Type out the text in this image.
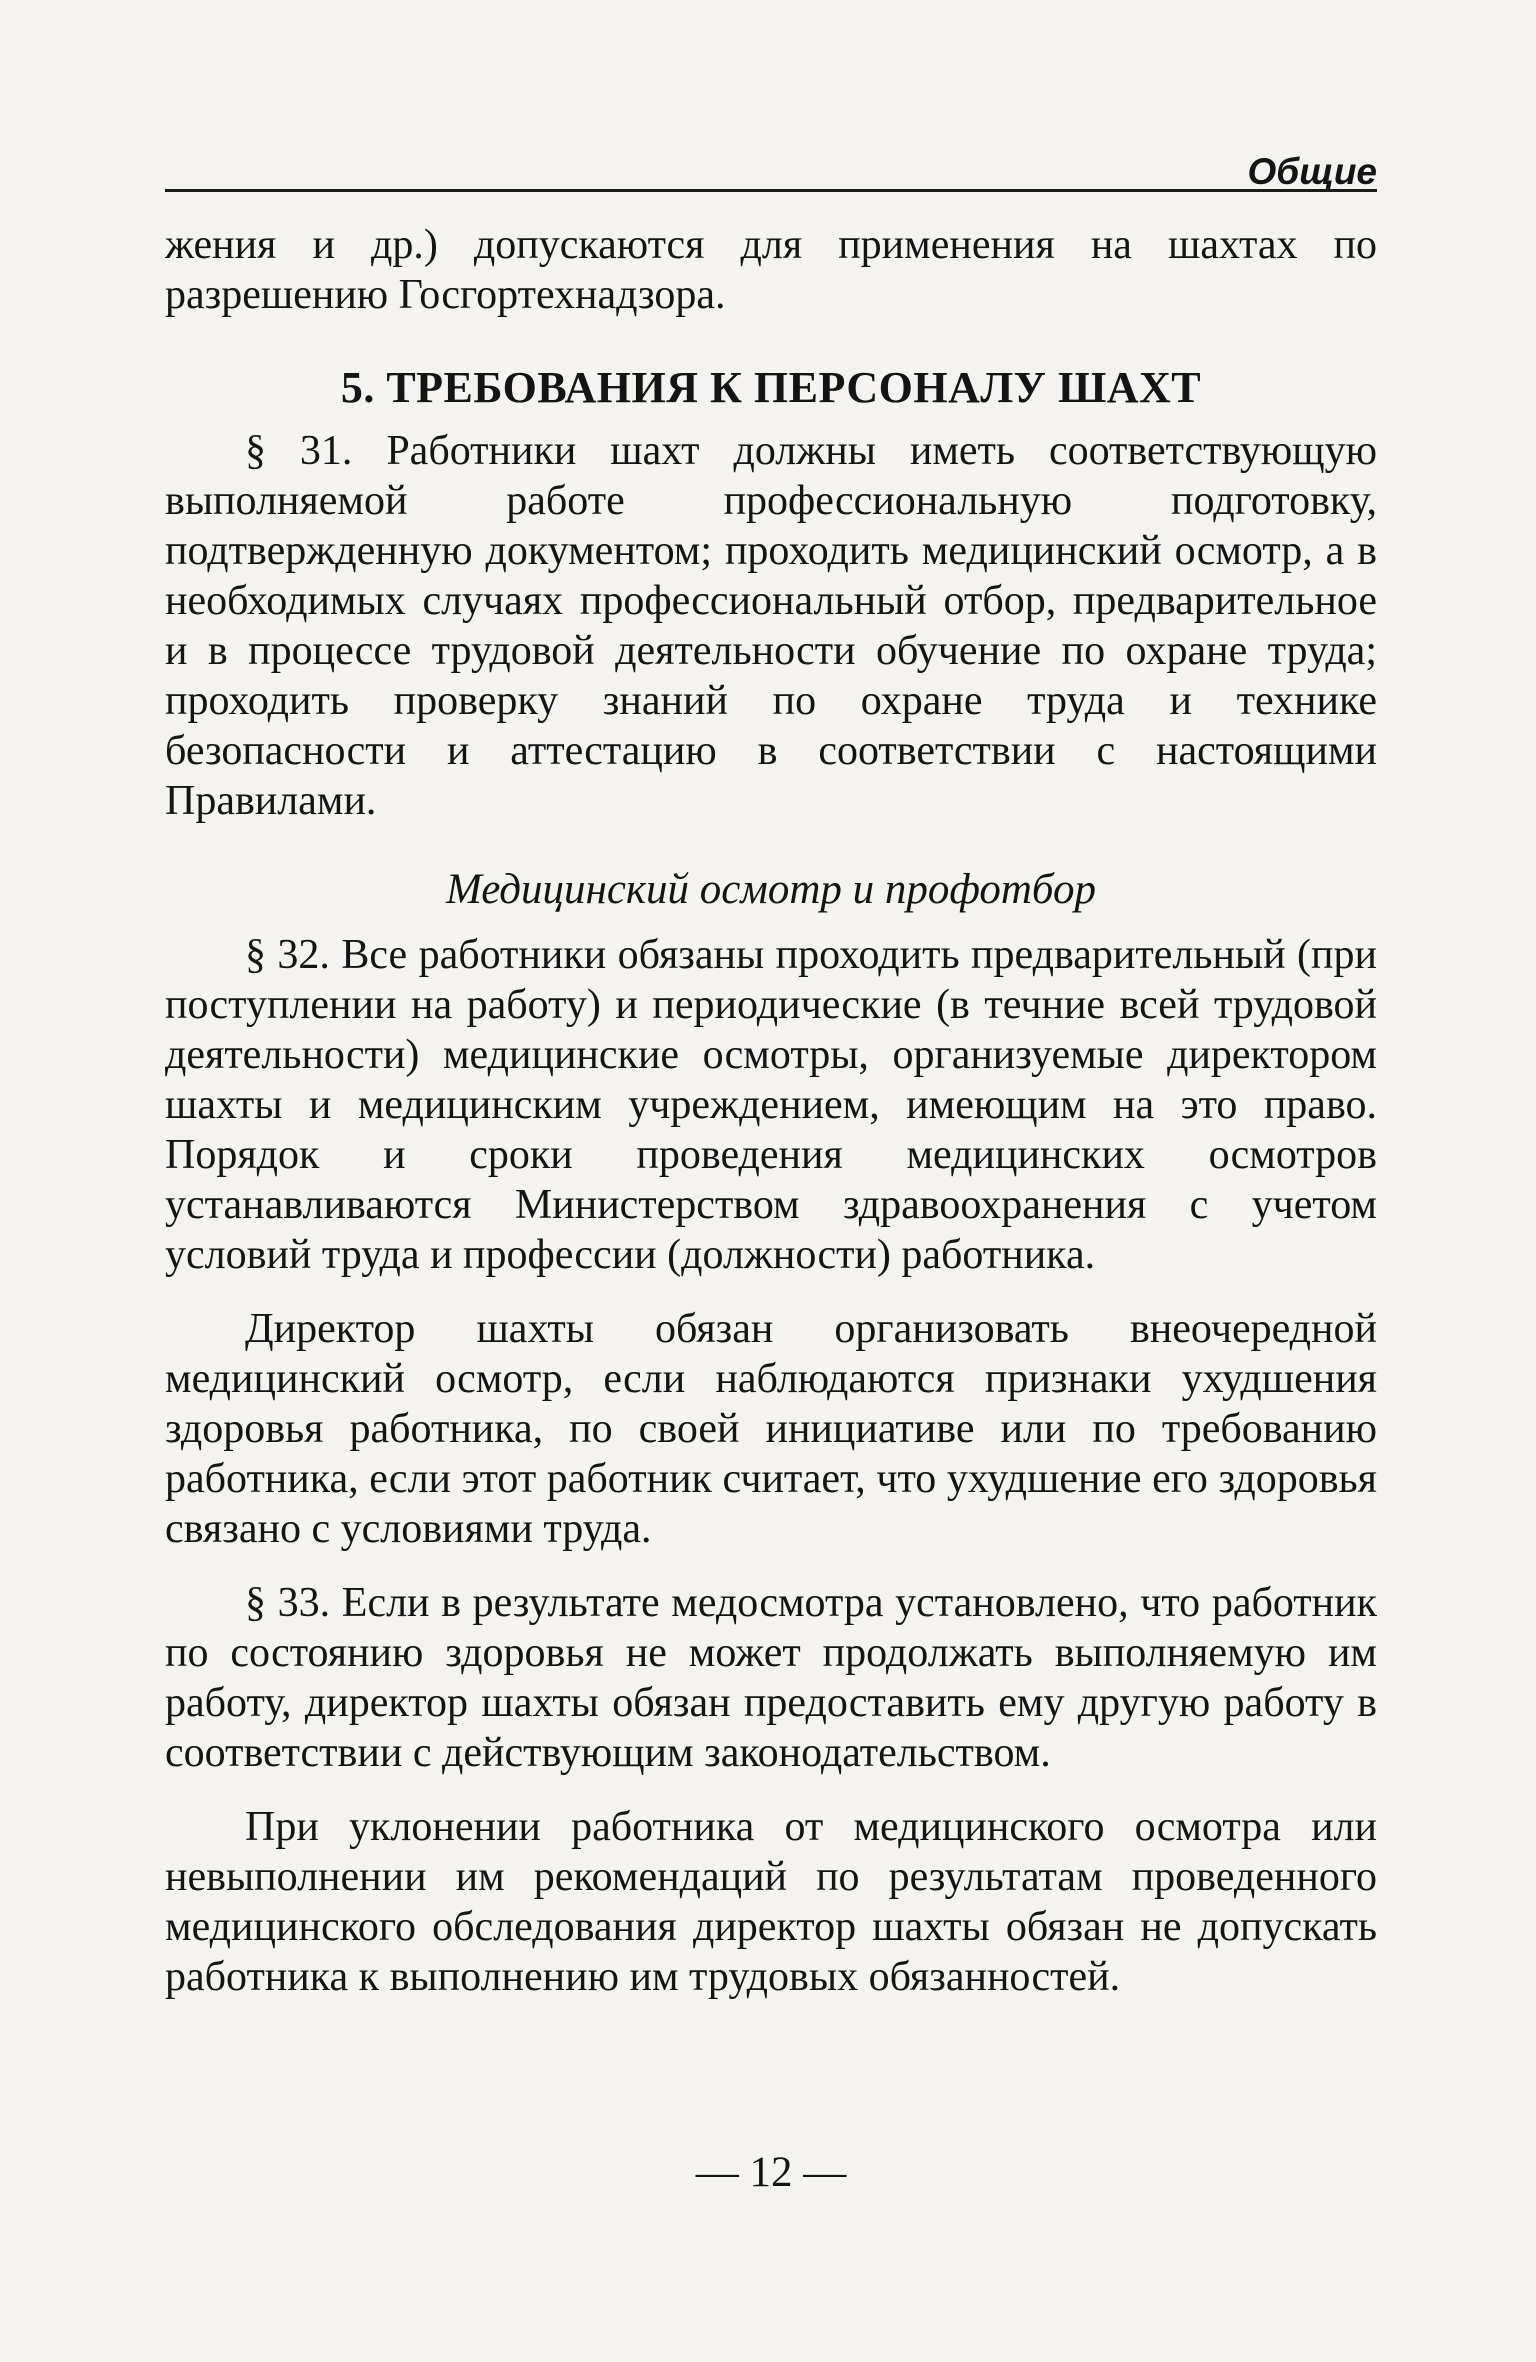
Общие

жения и др.) допускаются для применения на шахтах по разрешению Госгортехнадзора.

5. ТРЕБОВАНИЯ К ПЕРСОНАЛУ ШАХТ

§ 31. Работники шахт должны иметь соответствующую выполняемой работе профессиональную подготовку, подтвержденную документом; проходить медицинский осмотр, а в необходимых случаях профессиональный отбор, предварительное и в процессе трудовой деятельности обучение по охране труда; проходить проверку знаний по охране труда и технике безопасности и аттестацию в соответствии с настоящими Правилами.

Медицинский осмотр и профотбор

§ 32. Все работники обязаны проходить предварительный (при поступлении на работу) и периодические (в течние всей трудовой деятельности) медицинские осмотры, организуемые директором шахты и медицинским учреждением, имеющим на это право. Порядок и сроки проведения медицинских осмотров устанавливаются Министерством здравоохранения с учетом условий труда и профессии (должности) работника.

Директор шахты обязан организовать внеочередной медицинский осмотр, если наблюдаются признаки ухудшения здоровья работника, по своей инициативе или по требованию работника, если этот работник считает, что ухудшение его здоровья связано с условиями труда.

§ 33. Если в результате медосмотра установлено, что работник по состоянию здоровья не может продолжать выполняемую им работу, директор шахты обязан предоставить ему другую работу в соответствии с действующим законодательством.

При уклонении работника от медицинского осмотра или невыполнении им рекомендаций по результатам проведенного медицинского обследования директор шахты обязан не допускать работника к выполнению им трудовых обязанностей.

— 12 —
